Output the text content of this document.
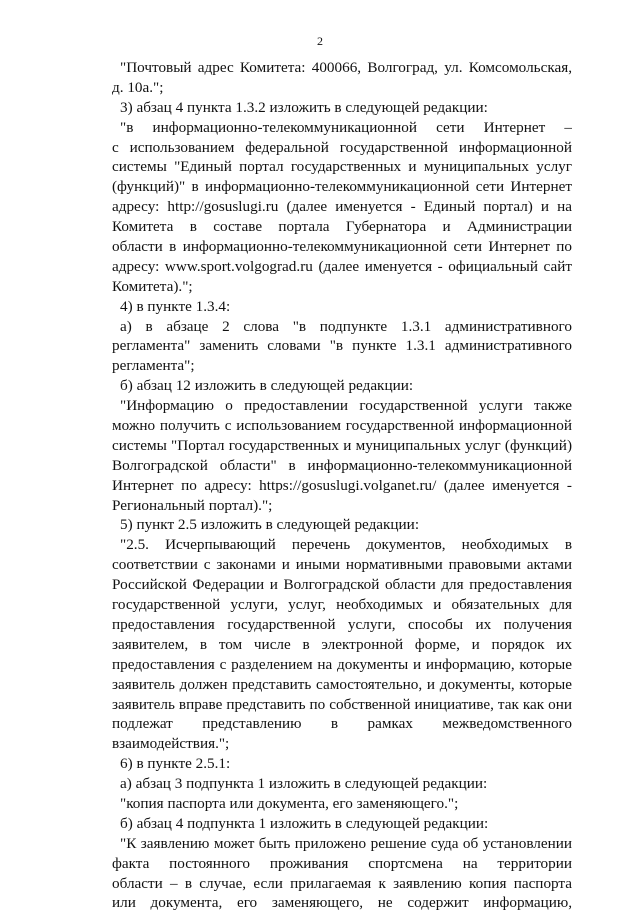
2
"Почтовый адрес Комитета: 400066, Волгоград, ул. Комсомольская,
д. 10а.";
3) абзац 4 пункта 1.3.2 изложить в следующей редакции:
"в информационно-телекоммуникационной сети Интернет –
с использованием федеральной государственной информационной
системы "Единый портал государственных и муниципальных услуг
(функций)" в информационно-телекоммуникационной сети Интернет
адресу: http://gosuslugi.ru (далее именуется - Единый портал) и на
Комитета в составе портала Губернатора и Администрации
области в информационно-телекоммуникационной сети Интернет по
адресу: www.sport.volgograd.ru (далее именуется - официальный сайт
Комитета).";
4) в пункте 1.3.4:
а) в абзаце 2 слова "в подпункте 1.3.1 административного
регламента" заменить словами "в пункте 1.3.1 административного
регламента";
б) абзац 12 изложить в следующей редакции:
"Информацию о предоставлении государственной услуги также
можно получить с использованием государственной информационной
системы "Портал государственных и муниципальных услуг (функций)
Волгоградской области" в информационно-телекоммуникационной
Интернет по адресу: https://gosuslugi.volganet.ru/ (далее именуется -
Региональный портал).";
5) пункт 2.5 изложить в следующей редакции:
"2.5. Исчерпывающий перечень документов, необходимых в
соответствии с законами и иными нормативными правовыми актами
Российской Федерации и Волгоградской области для предоставления
государственной услуги, услуг, необходимых и обязательных для
предоставления государственной услуги, способы их получения
заявителем, в том числе в электронной форме, и порядок их
предоставления с разделением на документы и информацию, которые
заявитель должен представить самостоятельно, и документы, которые
заявитель вправе представить по собственной инициативе, так как они
подлежат представлению в рамках межведомственного
взаимодействия.";
6) в пункте 2.5.1:
а) абзац 3 подпункта 1 изложить в следующей редакции:
"копия паспорта или документа, его заменяющего.";
б) абзац 4 подпункта 1 изложить в следующей редакции:
"К заявлению может быть приложено решение суда об установлении
факта постоянного проживания спортсмена на территории
области – в случае, если прилагаемая к заявлению копия паспорта
или документа, его заменяющего, не содержит информацию,
